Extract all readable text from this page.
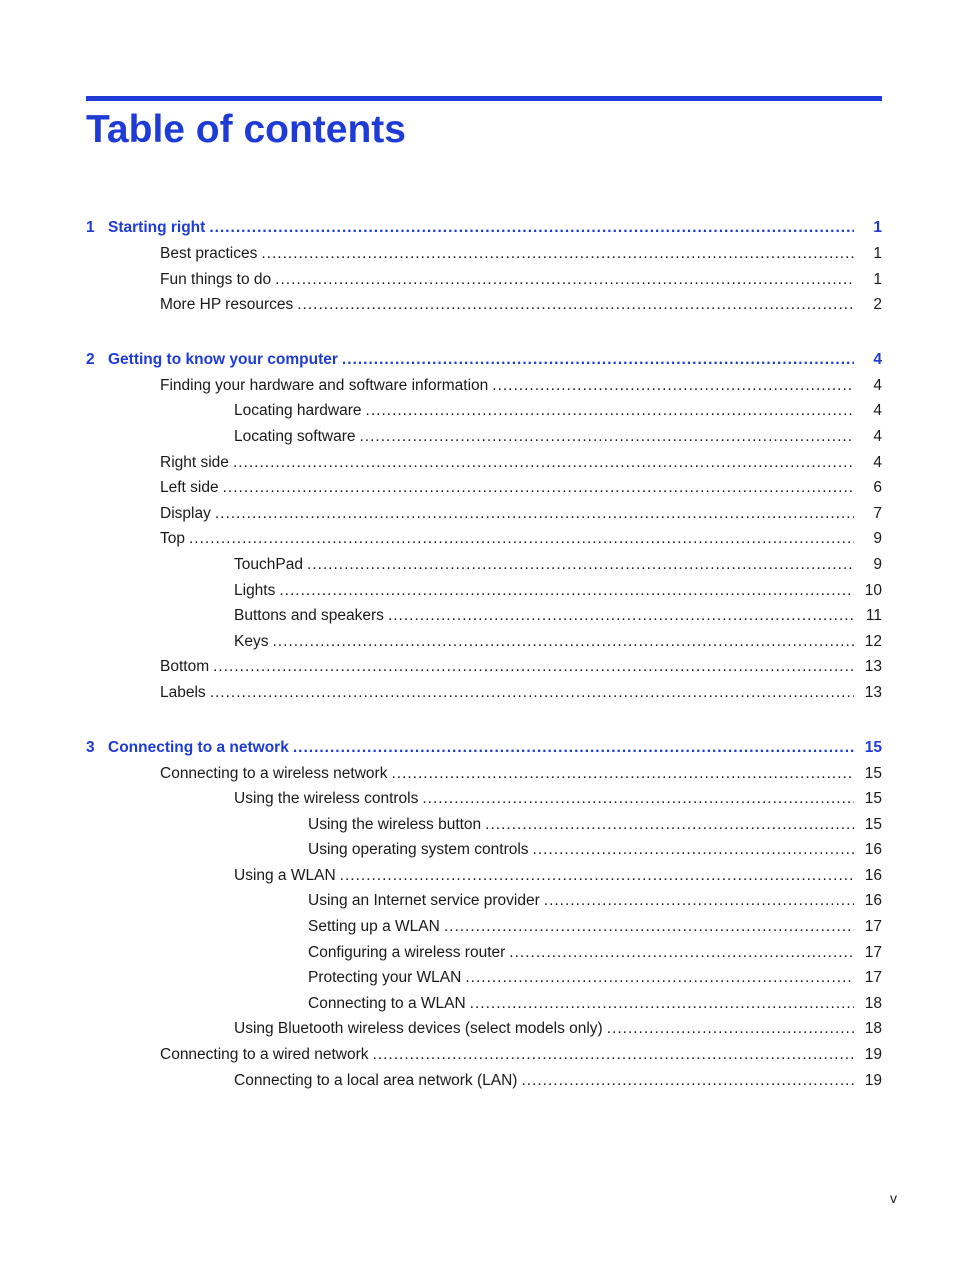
Table of contents
1 Starting right .....	1
Best practices .....	1
Fun things to do .....	1
More HP resources .....	2
2 Getting to know your computer .....	4
Finding your hardware and software information .....	4
Locating hardware .....	4
Locating software .....	4
Right side .....	4
Left side .....	6
Display .....	7
Top .....	9
TouchPad .....	9
Lights .....	10
Buttons and speakers .....	11
Keys .....	12
Bottom .....	13
Labels .....	13
3 Connecting to a network .....	15
Connecting to a wireless network .....	15
Using the wireless controls .....	15
Using the wireless button .....	15
Using operating system controls .....	16
Using a WLAN .....	16
Using an Internet service provider .....	16
Setting up a WLAN .....	17
Configuring a wireless router .....	17
Protecting your WLAN .....	17
Connecting to a WLAN .....	18
Using Bluetooth wireless devices (select models only) .....	18
Connecting to a wired network .....	19
Connecting to a local area network (LAN) .....	19
v
